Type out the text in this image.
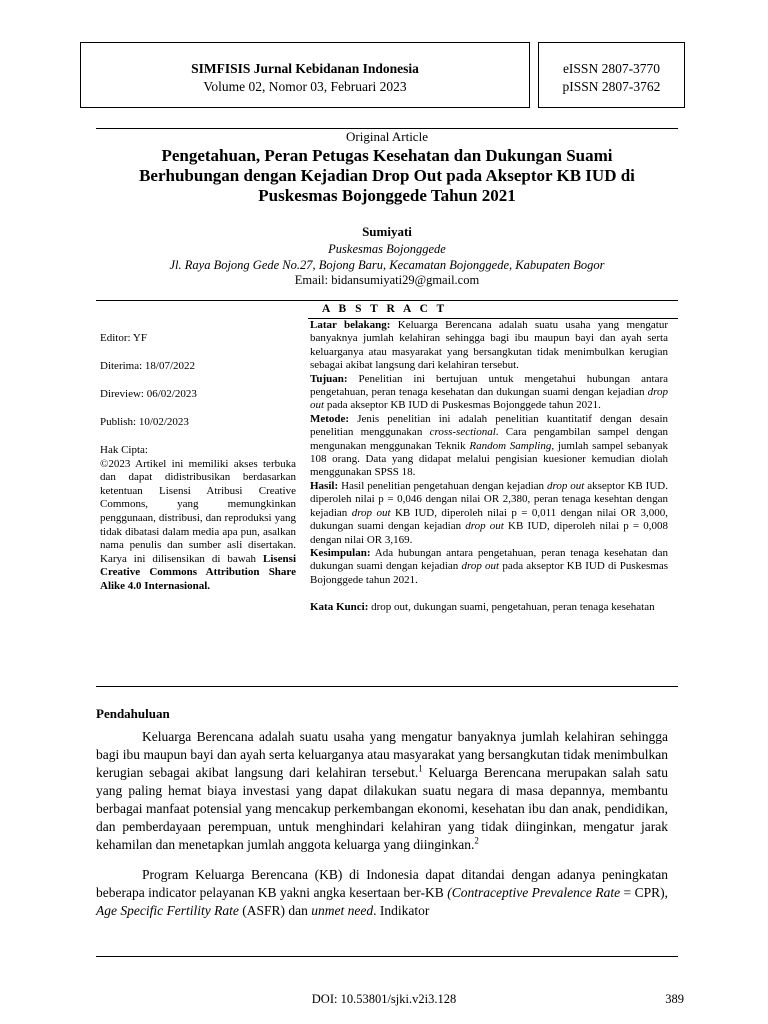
SIMFISIS Jurnal Kebidanan Indonesia
Volume 02, Nomor 03, Februari 2023
eISSN 2807-3770
pISSN 2807-3762
Original Article
Pengetahuan, Peran Petugas Kesehatan dan Dukungan Suami Berhubungan dengan Kejadian Drop Out pada Akseptor KB IUD di Puskesmas Bojonggede Tahun 2021
Sumiyati
Puskesmas Bojonggede
Jl. Raya Bojong Gede No.27, Bojong Baru, Kecamatan Bojonggede, Kabupaten Bogor
Email: bidansumiyati29@gmail.com
A B S T R A C T
Editor: YF
Diterima: 18/07/2022
Direview: 06/02/2023
Publish: 10/02/2023

Hak Cipta:

©2023 Artikel ini memiliki akses terbuka dan dapat didistribusikan berdasarkan ketentuan Lisensi Atribusi Creative Commons, yang memungkinkan penggunaan, distribusi, dan reproduksi yang tidak dibatasi dalam media apa pun, asalkan nama penulis dan sumber asli disertakan. Karya ini dilisensikan di bawah Lisensi Creative Commons Attribution Share Alike 4.0 Internasional.

Latar belakang: Keluarga Berencana adalah suatu usaha yang mengatur banyaknya jumlah kelahiran sehingga bagi ibu maupun bayi dan ayah serta keluarganya atau masyarakat yang bersangkutan tidak menimbulkan kerugian sebagai akibat langsung dari kelahiran tersebut.

Tujuan: Penelitian ini bertujuan untuk mengetahui hubungan antara pengetahuan, peran tenaga kesehatan dan dukungan suami dengan kejadian drop out pada akseptor KB IUD di Puskesmas Bojonggede tahun 2021.

Metode: Jenis penelitian ini adalah penelitian kuantitatif dengan desain penelitian menggunakan cross-sectional. Cara pengambilan sampel dengan mengunakan menggunakan Teknik Random Sampling, jumlah sampel sebanyak 108 orang. Data yang didapat melalui pengisian kuesioner kemudian diolah menggunakan SPSS 18.

Hasil: Hasil penelitian pengetahuan dengan kejadian drop out akseptor KB IUD. diperoleh nilai p = 0,046 dengan nilai OR 2,380, peran tenaga kesehtan dengan kejadian drop out KB IUD, diperoleh nilai p = 0,011 dengan nilai OR 3,000, dukungan suami dengan kejadian drop out KB IUD, diperoleh nilai p = 0,008 dengan nilai OR 3,169.

Kesimpulan: Ada hubungan antara pengetahuan, peran tenaga kesehatan dan dukungan suami dengan kejadian drop out pada akseptor KB IUD di Puskesmas Bojonggede tahun 2021.

Kata Kunci: drop out, dukungan suami, pengetahuan, peran tenaga kesehatan

Pendahuluan

Keluarga Berencana adalah suatu usaha yang mengatur banyaknya jumlah kelahiran sehingga bagi ibu maupun bayi dan ayah serta keluarganya atau masyarakat yang bersangkutan tidak menimbulkan kerugian sebagai akibat langsung dari kelahiran tersebut.$^1$ Keluarga Berencana merupakan salah satu yang paling hemat biaya investasi yang dapat dilakukan suatu negara di masa depannya, membantu berbagai manfaat potensial yang mencakup perkembangan ekonomi, kesehatan ibu dan anak, pendidikan, dan pemberdayaan perempuan, untuk menghindari kelahiran yang tidak diinginkan, mengatur jarak kehamilan dan menetapkan jumlah anggota keluarga yang diinginkan.$^2$

Program Keluarga Berencana (KB) di Indonesia dapat ditandai dengan adanya peningkatan beberapa indicator pelayanan KB yakni angka kesertaan ber-KB (Contraceptive Prevalence Rate = CPR), Age Specific Fertility Rate (ASFR) dan unmet need. Indikator

DOI: 10.53801/sjki.v2i3.128	389
